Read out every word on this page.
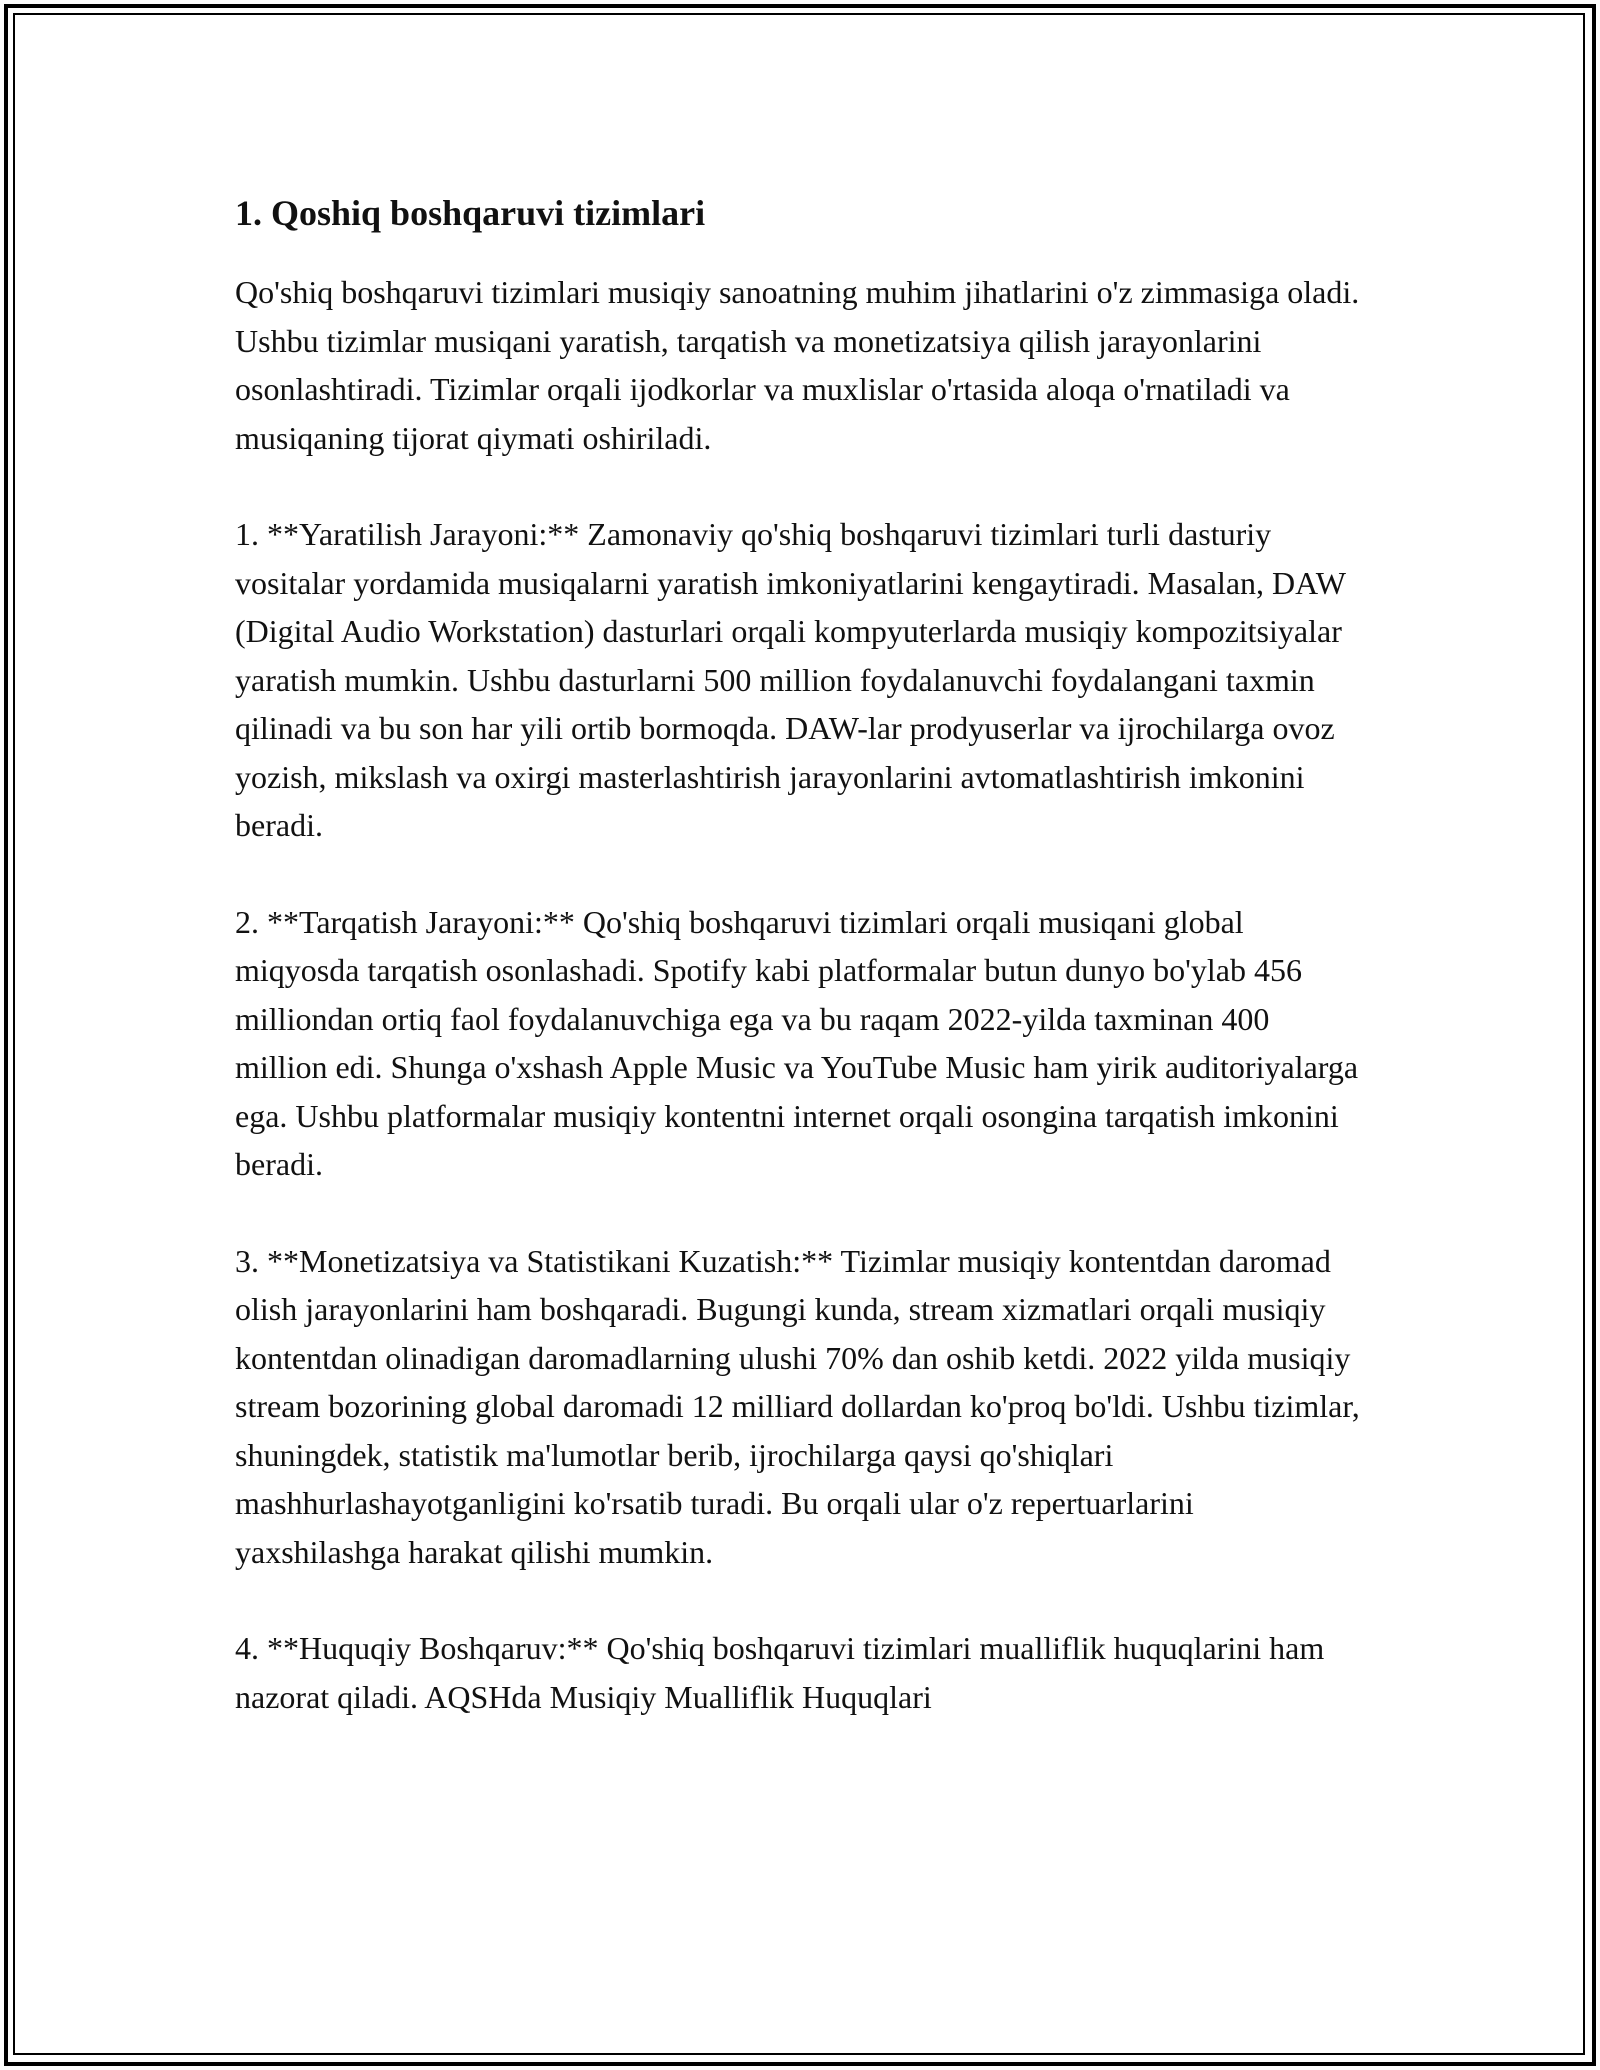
1. Qoshiq boshqaruvi tizimlari

Qo'shiq boshqaruvi tizimlari musiqiy sanoatning muhim jihatlarini o'z zimmasiga oladi. Ushbu tizimlar musiqani yaratish, tarqatish va monetizatsiya qilish jarayonlarini osonlashtiradi. Tizimlar orqali ijodkorlar va muxlislar o'rtasida aloqa o'rnatiladi va musiqaning tijorat qiymati oshiriladi.

1. **Yaratilish Jarayoni:** Zamonaviy qo'shiq boshqaruvi tizimlari turli dasturiy vositalar yordamida musiqalarni yaratish imkoniyatlarini kengaytiradi. Masalan, DAW (Digital Audio Workstation) dasturlari orqali kompyuterlarda musiqiy kompozitsiyalar yaratish mumkin. Ushbu dasturlarni 500 million foydalanuvchi foydalangani taxmin qilinadi va bu son har yili ortib bormoqda. DAW-lar prodyuserlar va ijrochilarga ovoz yozish, mikslash va oxirgi masterlashtirish jarayonlarini avtomatlashtirish imkonini beradi.

2. **Tarqatish Jarayoni:** Qo'shiq boshqaruvi tizimlari orqali musiqani global miqyosda tarqatish osonlashadi. Spotify kabi platformalar butun dunyo bo'ylab 456 milliondan ortiq faol foydalanuvchiga ega va bu raqam 2022-yilda taxminan 400 million edi. Shunga o'xshash Apple Music va YouTube Music ham yirik auditoriyalarga ega. Ushbu platformalar musiqiy kontentni internet orqali osongina tarqatish imkonini beradi.

3. **Monetizatsiya va Statistikani Kuzatish:** Tizimlar musiqiy kontentdan daromad olish jarayonlarini ham boshqaradi. Bugungi kunda, stream xizmatlari orqali musiqiy kontentdan olinadigan daromadlarning ulushi 70% dan oshib ketdi. 2022 yilda musiqiy stream bozorining global daromadi 12 milliard dollardan ko'proq bo'ldi. Ushbu tizimlar, shuningdek, statistik ma'lumotlar berib, ijrochilarga qaysi qo'shiqlari mashhurlashayotganligini ko'rsatib turadi. Bu orqali ular o'z repertuarlarini yaxshilashga harakat qilishi mumkin.

4. **Huquqiy Boshqaruv:** Qo'shiq boshqaruvi tizimlari mualliflik huquqlarini ham nazorat qiladi. AQSHda Musiqiy Mualliflik Huquqlari
